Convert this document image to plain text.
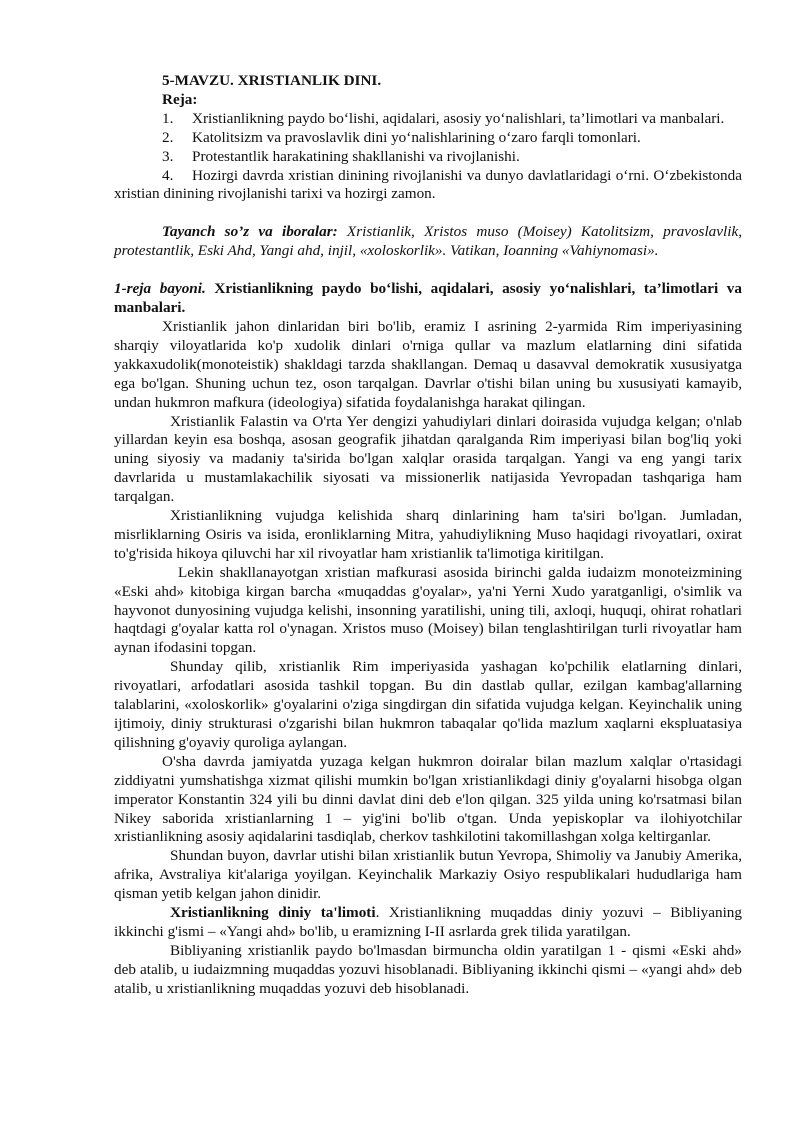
5-MAVZU. XRISTIANLIK DINI.

Reja:

1. Xristianlikning paydo bo‘lishi, aqidalari, asosiy yo‘nalishlari, ta’limotlari va manbalari.

2. Katolitsizm va pravoslavlik dini yo‘nalishlarining o‘zaro farqli tomonlari.

3. Protestantlik harakatining shakllanishi va rivojlanishi.

4. Hozirgi davrda xristian dinining rivojlanishi va dunyo davlatlaridagi o‘rni. O‘zbekistonda xristian dinining rivojlanishi tarixi va hozirgi zamon.

Tayanch so’z va iboralar: Xristianlik, Xristos muso (Moisey) Katolitsizm, pravoslavlik, protestantlik, Eski Ahd, Yangi ahd, injil, «xoloskorlik». Vatikan, Ioanning «Vahiynomasi».

1-reja bayoni. Xristianlikning paydo bo‘lishi, aqidalari, asosiy yo‘nalishlari, ta’limotlari va manbalari.

Xristianlik jahon dinlaridan biri bo'lib, eramiz I asrining 2-yarmida Rim imperiyasining sharqiy viloyatlarida ko'p xudolik dinlari o'rniga qullar va mazlum elatlarning dini sifatida yakkaxudolik(monoteistik) shakldagi tarzda shakllangan. Demaq u dasavval demokratik xususiyatga ega bo'lgan. Shuning uchun tez, oson tarqalgan. Davrlar o'tishi bilan uning bu xususiyati kamayib, undan hukmron mafkura (ideologiya) sifatida foydalanishga harakat qilingan.

Xristianlik Falastin va O'rta Yer dengizi yahudiylari dinlari doirasida vujudga kelgan; o'nlab yillardan keyin esa boshqa, asosan geografik jihatdan qaralganda Rim imperiyasi bilan bog'liq yoki uning siyosiy va madaniy ta'sirida bo'lgan xalqlar orasida tarqalgan. Yangi va eng yangi tarix davrlarida u mustamlakachilik siyosati va missionerlik natijasida Yevropadan tashqariga ham tarqalgan.

Xristianlikning vujudga kelishida sharq dinlarining ham ta'siri bo'lgan. Jumladan, misrliklarning Osiris va isida, eronliklarning Mitra, yahudiylikning Muso haqidagi rivoyatlari, oxirat to'g'risida hikoya qiluvchi har xil rivoyatlar ham xristianlik ta'limotiga kiritilgan.

Lekin shakllanayotgan xristian mafkurasi asosida birinchi galda iudaizm monoteizmining «Eski ahd» kitobiga kirgan barcha «muqaddas g'oyalar», ya'ni Yerni Xudo yaratganligi, o'simlik va hayvonot dunyosining vujudga kelishi, insonning yaratilishi, uning tili, axloqi, huquqi, ohirat rohatlari haqtdagi g'oyalar katta rol o'ynagan. Xristos muso (Moisey) bilan tenglashtirilgan turli rivoyatlar ham aynan ifodasini topgan.

Shunday qilib, xristianlik Rim imperiyasida yashagan ko'pchilik elatlarning dinlari, rivoyatlari, arfodatlari asosida tashkil topgan. Bu din dastlab qullar, ezilgan kambag'allarning talablarini, «xoloskorlik» g'oyalarini o'ziga singdirgan din sifatida vujudga kelgan. Keyinchalik uning ijtimoiy, diniy strukturasi o'zgarishi bilan hukmron tabaqalar qo'lida mazlum xaqlarni ekspluatasiya qilishning g'oyaviy quroliga aylangan.

O'sha davrda jamiyatda yuzaga kelgan hukmron doiralar bilan mazlum xalqlar o'rtasidagi ziddiyatni yumshatishga xizmat qilishi mumkin bo'lgan xristianlikdagi diniy g'oyalarni hisobga olgan imperator Konstantin 324 yili bu dinni davlat dini deb e'lon qilgan. 325 yilda uning ko'rsatmasi bilan Nikey saborida xristianlarning 1 – yig'ini bo'lib o'tgan. Unda yepiskoplar va ilohiyotchilar xristianlikning asosiy aqidalarini tasdiqlab, cherkov tashkilotini takomillashgan xolga keltirganlar.

Shundan buyon, davrlar utishi bilan xristianlik butun Yevropa, Shimoliy va Janubiy Amerika, afrika, Avstraliya kit'alariga yoyilgan. Keyinchalik Markaziy Osiyo respublikalari hududlariga ham qisman yetib kelgan jahon dinidir.

Xristianlikning diniy ta'limoti. Xristianlikning muqaddas diniy yozuvi – Bibliyaning ikkinchi g'ismi – «Yangi ahd» bo'lib, u eramizning I-II asrlarda grek tilida yaratilgan.

Bibliyaning xristianlik paydo bo'lmasdan birmuncha oldin yaratilgan 1 - qismi «Eski ahd» deb atalib, u iudaizmning muqaddas yozuvi hisoblanadi. Bibliyaning ikkinchi qismi – «yangi ahd» deb atalib, u xristianlikning muqaddas yozuvi deb hisoblanadi.
